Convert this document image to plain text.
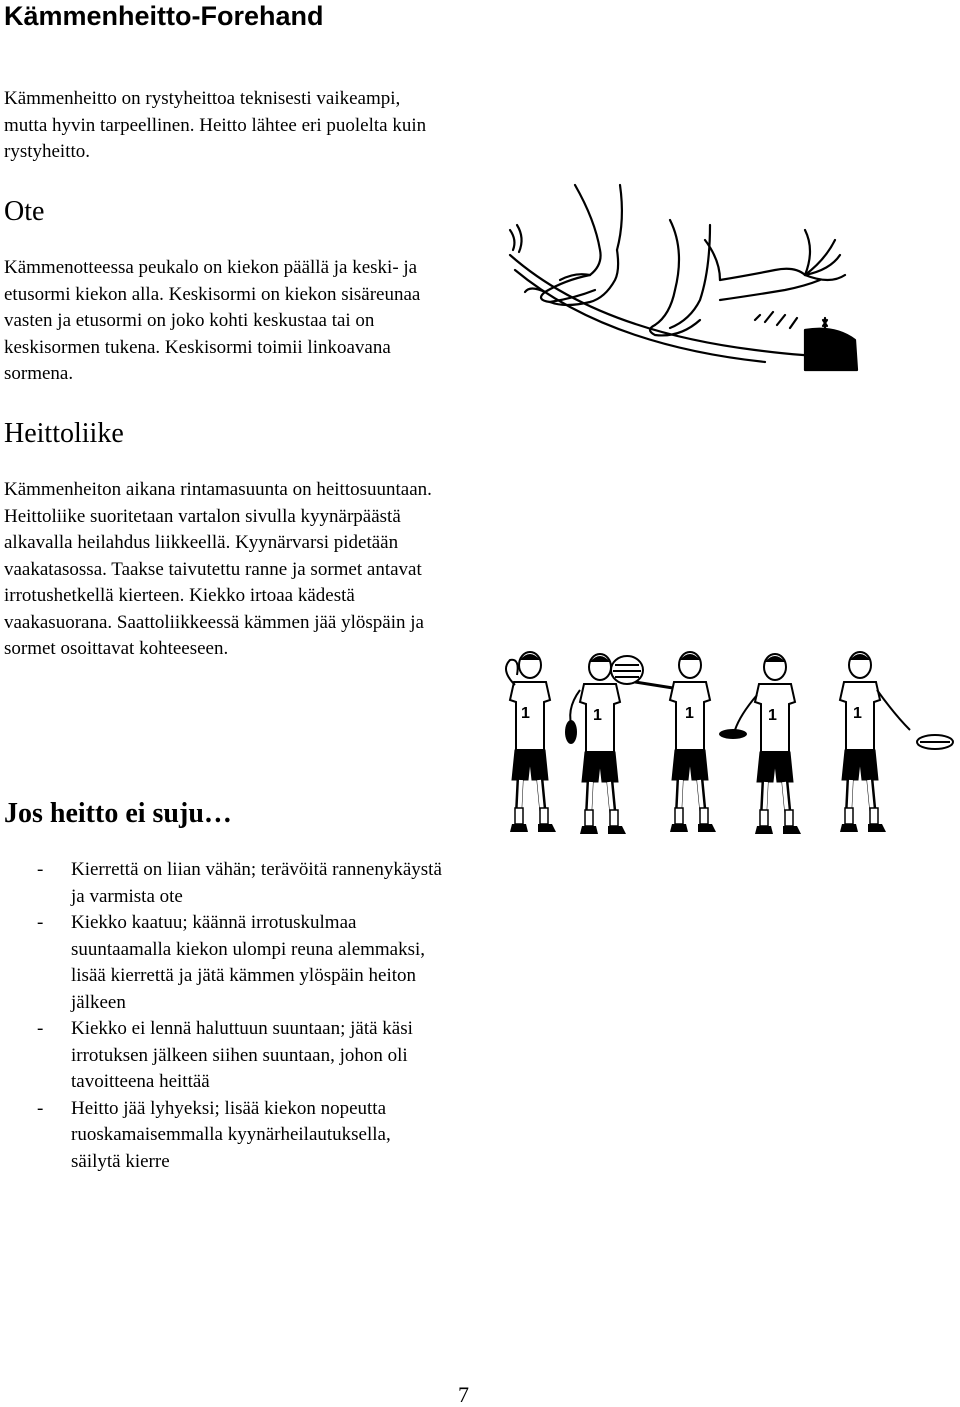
Kämmenheitto-Forehand

Kämmenheitto on rystyheittoa teknisesti vaikeampi, mutta hyvin tarpeellinen. Heitto lähtee eri puolelta kuin rystyheitto.

Ote

Kämmenotteessa peukalo on kiekon päällä ja keski- ja etusormi kiekon alla. Keskisormi on kiekon sisäreunaa vasten ja etusormi on joko kohti keskustaa tai on keskisormen tukena. Keskisormi toimii linkoavana sormena.

Heittoliike

Kämmenheiton aikana rintamasuunta on heittosuuntaan. Heittoliike suoritetaan vartalon sivulla kyynärpäästä alkavalla heilahdus liikkeellä. Kyynärvarsi pidetään vaakatasossa. Taakse taivutettu ranne ja sormet antavat irrotushetkellä kierteen. Kiekko irtoaa kädestä vaakasuorana. Saattoliikkeessä kämmen jää ylöspäin ja sormet osoittavat kohteeseen.

Jos heitto ei suju…
- Kierrettä on liian vähän; terävöitä rannenykäystä ja varmista ote
- Kiekko kaatuu; käännä irrotuskulmaa suuntaamalla kiekon ulompi reuna alemmaksi, lisää kierrettä ja jätä kämmen ylöspäin heiton jälkeen
- Kiekko ei lennä haluttuun suuntaan; jätä käsi irrotuksen jälkeen siihen suuntaan, johon oli tavoitteena heittää
- Heitto jää lyhyeksi; lisää kiekon nopeutta ruoskamaisemmalla kyynärheilautuksella, säilytä kierre
1	1	1	1	1
7
